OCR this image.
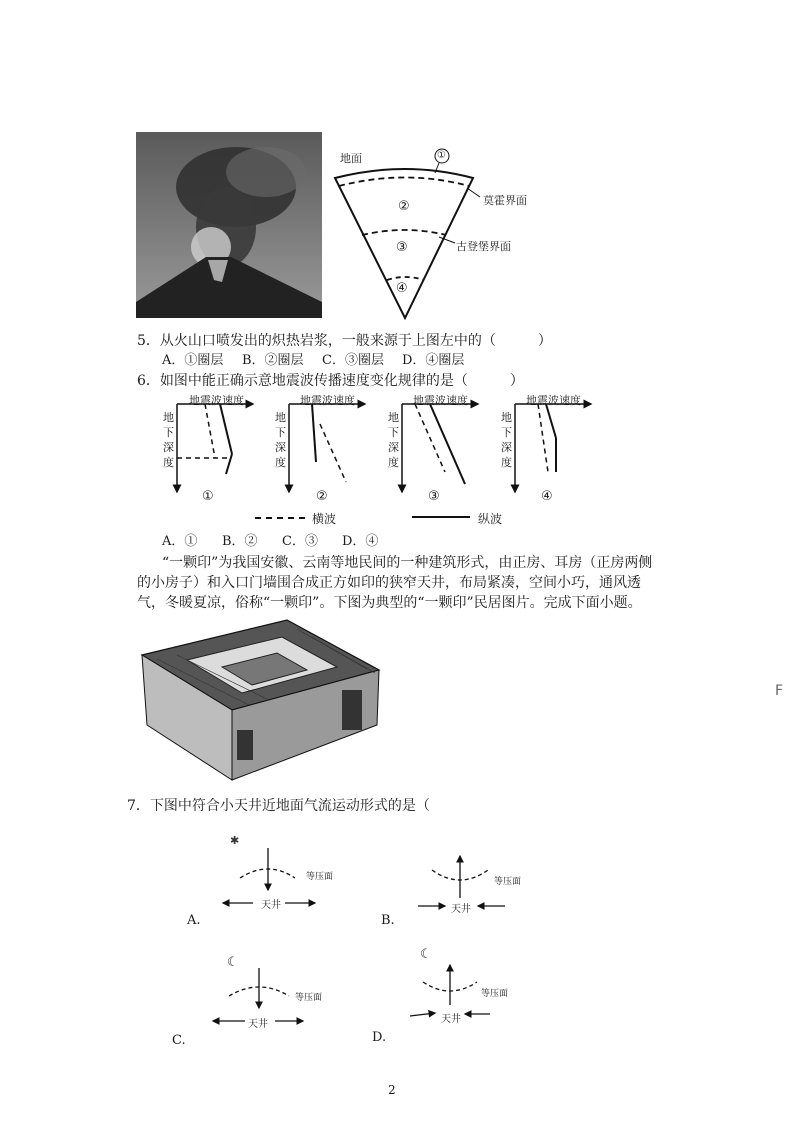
地面	①
莫霍界面
②
古登堡界面
③
④
5．从火山口喷发出的炽热岩浆，一般来源于上图左中的（　　　）
A．①圈层 B．②圈层 C．③圈层 D．④圈层
6．如图中能正确示意地震波传播速度变化规律的是（　　　）
地震波速度	地震波速度	地震波速度	地震波速度
地
下
深
度
地
下
深
度
地
下
深
度
地
下
深
度
①	②	③	④
A．① B．② C．③ D．④
横波	纵波
“一颗印”为我国安徽、云南等地民间的一种建筑形式，由正房、耳房（正房两侧的小房子）和入口门墙围合成正方如印的狭窄天井，布局紧凑，空间小巧，通风透气，冬暖夏凉，俗称“一颗印”。下图为典型的“一颗印”民居图片。完成下面小题。
F
7．下图中符合小天井近地面气流运动形式的是（
✱
等压面
天井
A.
等压面
天井
B.
☾
等压面
天井
C.
☾
等压面
天井
D.
2
